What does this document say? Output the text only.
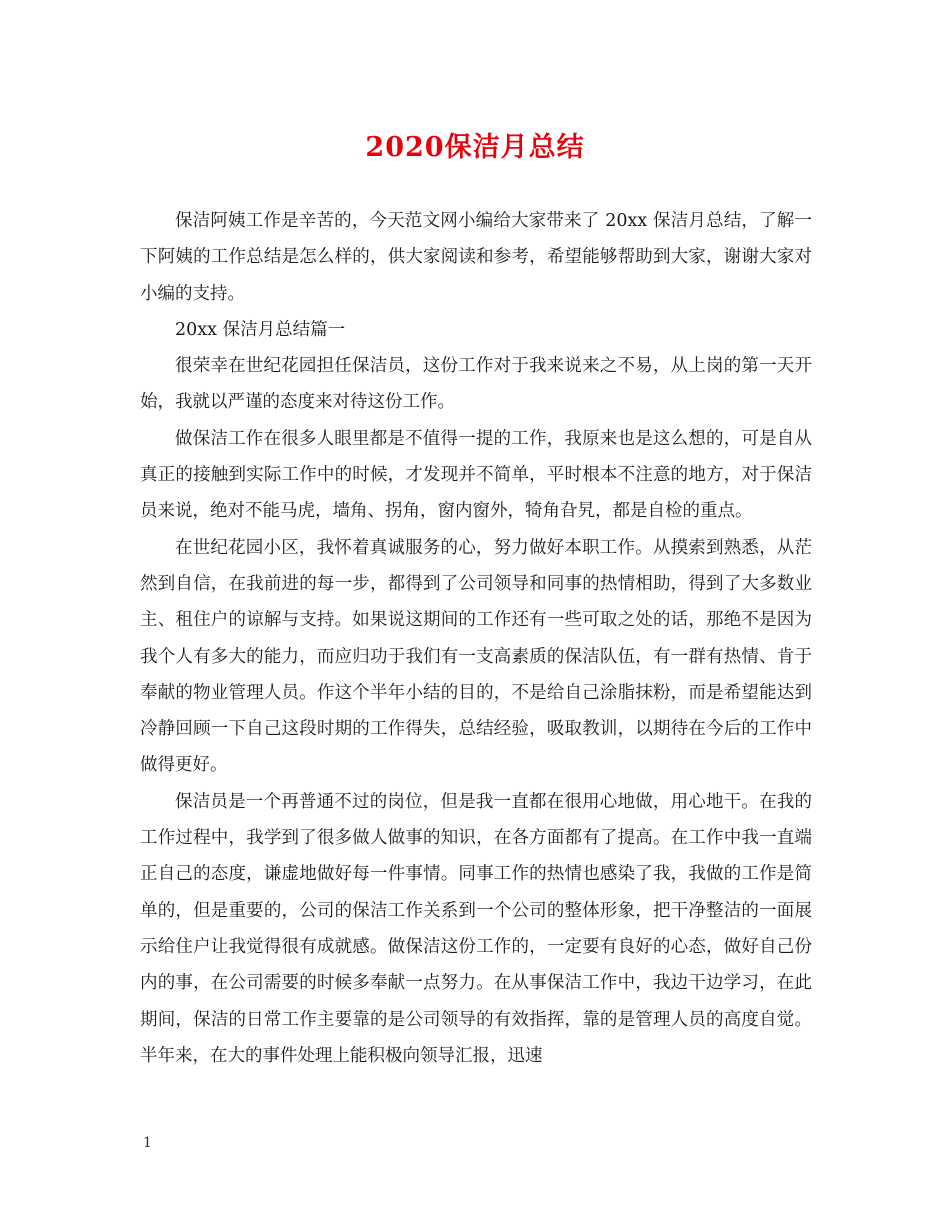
2020保洁月总结

保洁阿姨工作是辛苦的，今天范文网小编给大家带来了 20xx 保洁月总结，了解一下阿姨的工作总结是怎么样的，供大家阅读和参考，希望能够帮助到大家，谢谢大家对小编的支持。

20xx 保洁月总结篇一

很荣幸在世纪花园担任保洁员，这份工作对于我来说来之不易，从上岗的第一天开始，我就以严谨的态度来对待这份工作。

做保洁工作在很多人眼里都是不值得一提的工作，我原来也是这么想的，可是自从真正的接触到实际工作中的时候，才发现并不简单，平时根本不注意的地方，对于保洁员来说，绝对不能马虎，墙角、拐角，窗内窗外，犄角旮旯，都是自检的重点。

在世纪花园小区，我怀着真诚服务的心，努力做好本职工作。从摸索到熟悉，从茫然到自信，在我前进的每一步，都得到了公司领导和同事的热情相助，得到了大多数业主、租住户的谅解与支持。如果说这期间的工作还有一些可取之处的话，那绝不是因为我个人有多大的能力，而应归功于我们有一支高素质的保洁队伍，有一群有热情、肯于奉献的物业管理人员。作这个半年小结的目的，不是给自己涂脂抹粉，而是希望能达到冷静回顾一下自己这段时期的工作得失，总结经验，吸取教训，以期待在今后的工作中做得更好。

保洁员是一个再普通不过的岗位，但是我一直都在很用心地做，用心地干。在我的工作过程中，我学到了很多做人做事的知识，在各方面都有了提高。在工作中我一直端正自己的态度，谦虚地做好每一件事情。同事工作的热情也感染了我，我做的工作是简单的，但是重要的，公司的保洁工作关系到一个公司的整体形象，把干净整洁的一面展示给住户让我觉得很有成就感。做保洁这份工作的，一定要有良好的心态，做好自己份内的事，在公司需要的时候多奉献一点努力。在从事保洁工作中，我边干边学习，在此期间，保洁的日常工作主要靠的是公司领导的有效指挥，靠的是管理人员的高度自觉。半年来，在大的事件处理上能积极向领导汇报，迅速

1
